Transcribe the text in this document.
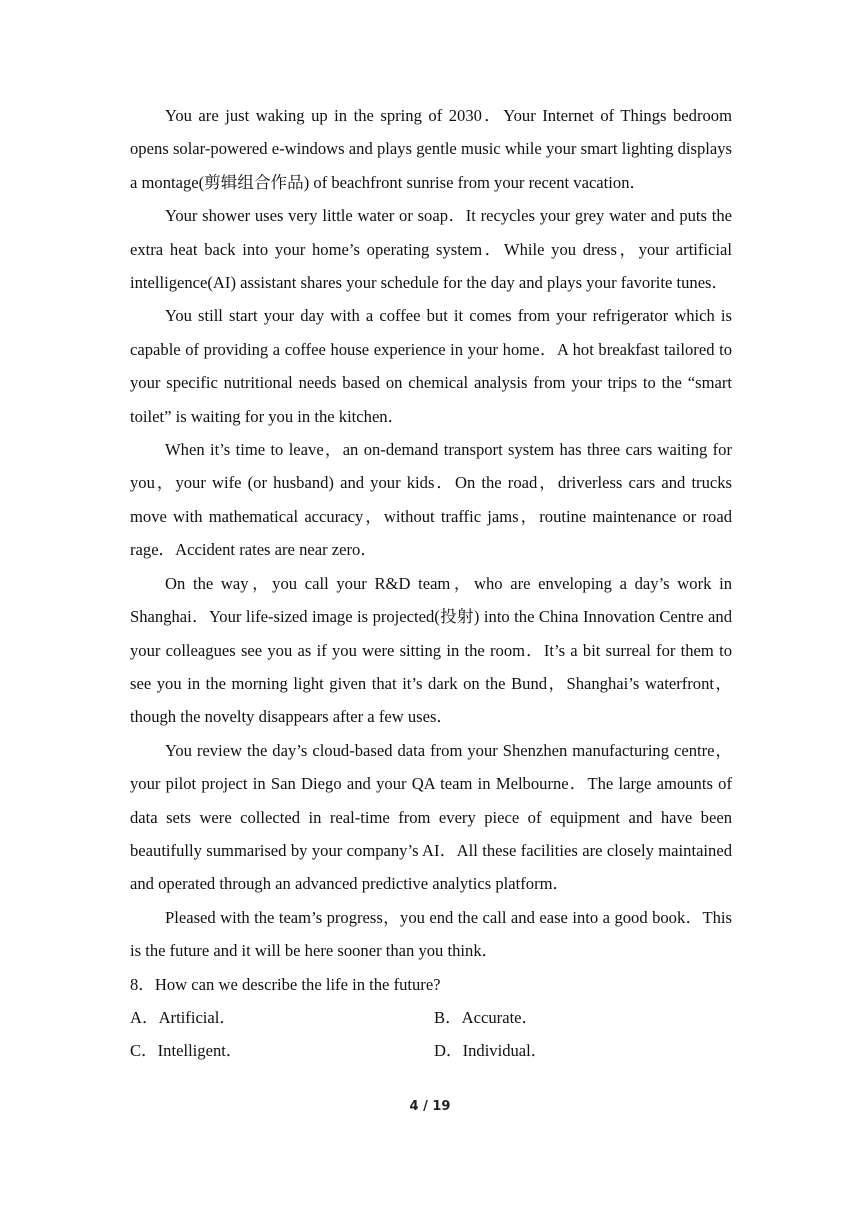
You are just waking up in the spring of 2030．Your Internet of Things bedroom opens solar-powered e-windows and plays gentle music while your smart lighting displays a montage(剪辑组合作品) of beachfront sunrise from your recent vacation．

Your shower uses very little water or soap．It recycles your grey water and puts the extra heat back into your home’s operating system．While you dress，your artificial intelligence(AI) assistant shares your schedule for the day and plays your favorite tunes．

You still start your day with a coffee but it comes from your refrigerator which is capable of providing a coffee house experience in your home．A hot breakfast tailored to your specific nutritional needs based on chemical analysis from your trips to the “smart toilet” is waiting for you in the kitchen．

When it’s time to leave，an on-demand transport system has three cars waiting for you，your wife (or husband) and your kids．On the road，driverless cars and trucks move with mathematical accuracy，without traffic jams，routine maintenance or road rage．Accident rates are near zero．

On the way，you call your R&D team，who are enveloping a day’s work in Shanghai．Your life-sized image is projected(投射) into the China Innovation Centre and your colleagues see you as if you were sitting in the room．It’s a bit surreal for them to see you in the morning light given that it’s dark on the Bund，Shanghai’s waterfront，though the novelty disappears after a few uses．

You review the day’s cloud-based data from your Shenzhen manufacturing centre，your pilot project in San Diego and your QA team in Melbourne．The large amounts of data sets were collected in real-time from every piece of equipment and have been beautifully summarised by your company’s AI．All these facilities are closely maintained and operated through an advanced predictive analytics platform．

Pleased with the team’s progress，you end the call and ease into a good book．This is the future and it will be here sooner than you think．

8．How can we describe the life in the future?

A．Artificial．	B．Accurate．
C．Intelligent．	D．Individual．
4 / 19
